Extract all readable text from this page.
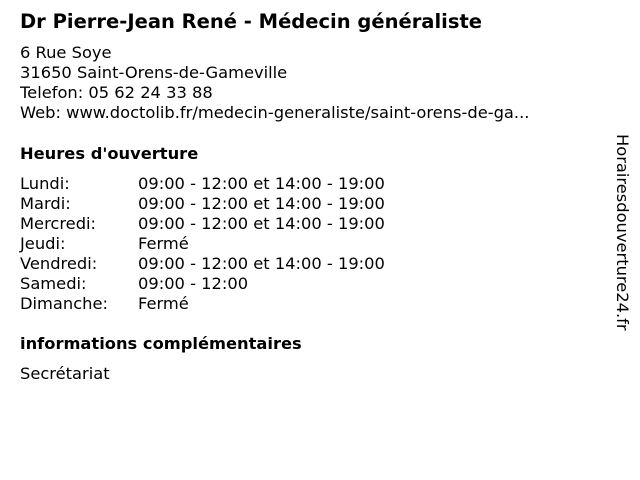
Dr Pierre-Jean René - Médecin généraliste
6 Rue Soye
31650 Saint-Orens-de-Gameville
Telefon: 05 62 24 33 88
Web: www.doctolib.fr/medecin-generaliste/saint-orens-de-ga...
Heures d'ouverture
Lundi:	09:00 - 12:00 et 14:00 - 19:00
Mardi:	09:00 - 12:00 et 14:00 - 19:00
Mercredi:	09:00 - 12:00 et 14:00 - 19:00
Jeudi:	Fermé
Vendredi:	09:00 - 12:00 et 14:00 - 19:00
Samedi:	09:00 - 12:00
Dimanche:	Fermé
informations complémentaires
Secrétariat
Horairesdouverture24.fr
